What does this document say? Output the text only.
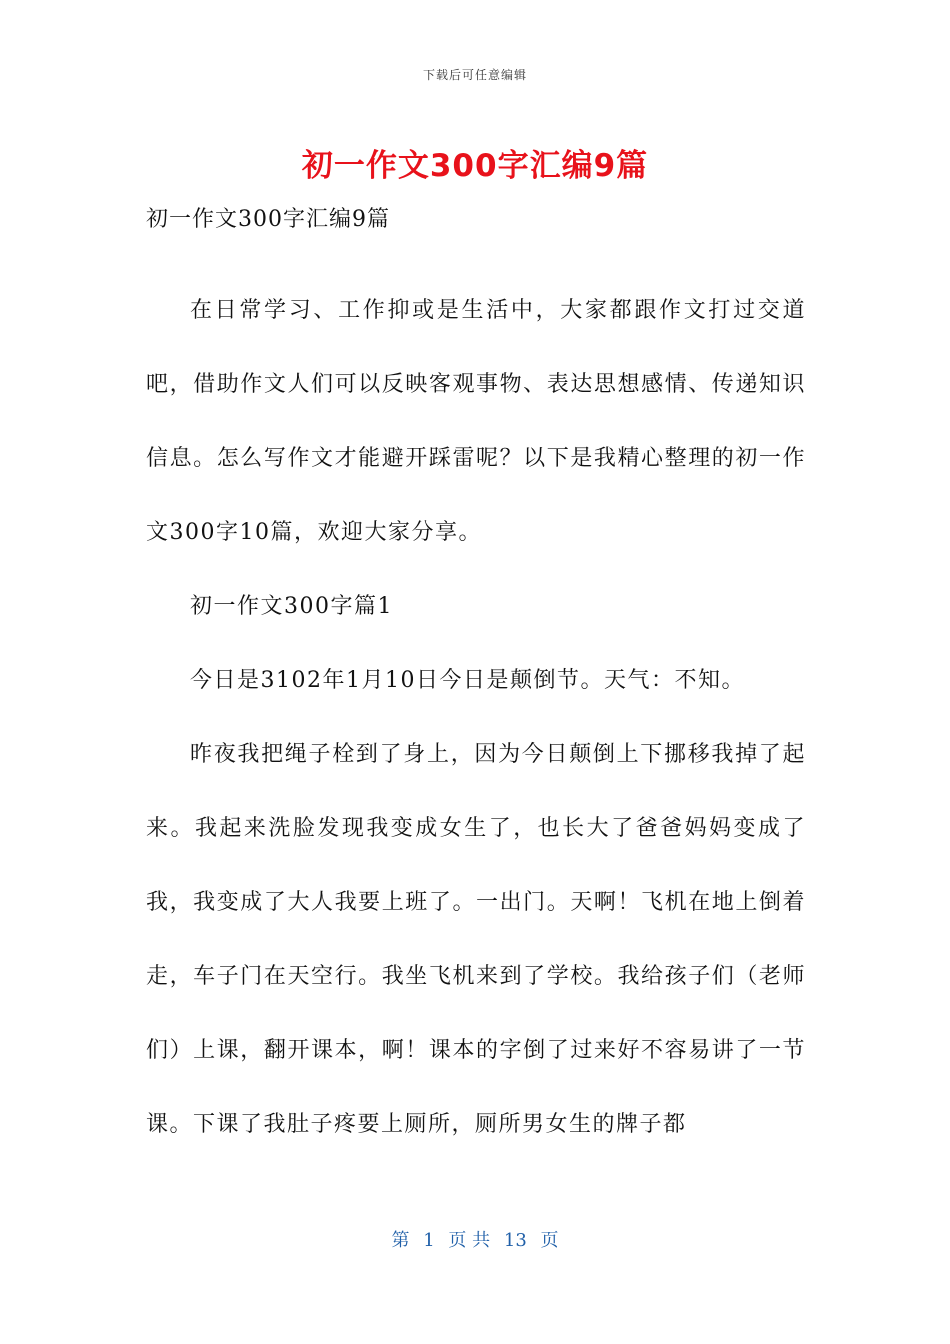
下载后可任意编辑
初一作文300字汇编9篇

初一作文300字汇编9篇

在日常学习、工作抑或是生活中，大家都跟作文打过交道吧，借助作文人们可以反映客观事物、表达思想感情、传递知识信息。怎么写作文才能避开踩雷呢？以下是我精心整理的初一作文300字10篇，欢迎大家分享。

初一作文300字篇1

今日是3102年1月10日今日是颠倒节。天气：不知。

昨夜我把绳子栓到了身上，因为今日颠倒上下挪移我掉了起来。我起来洗脸发现我变成女生了，也长大了爸爸妈妈变成了我，我变成了大人我要上班了。一出门。天啊！飞机在地上倒着走，车子门在天空行。我坐飞机来到了学校。我给孩子们（老师们）上课，翻开课本，啊！课本的字倒了过来好不容易讲了一节课。下课了我肚子疼要上厕所，厕所男女生的牌子都

第 1 页 共 13 页
